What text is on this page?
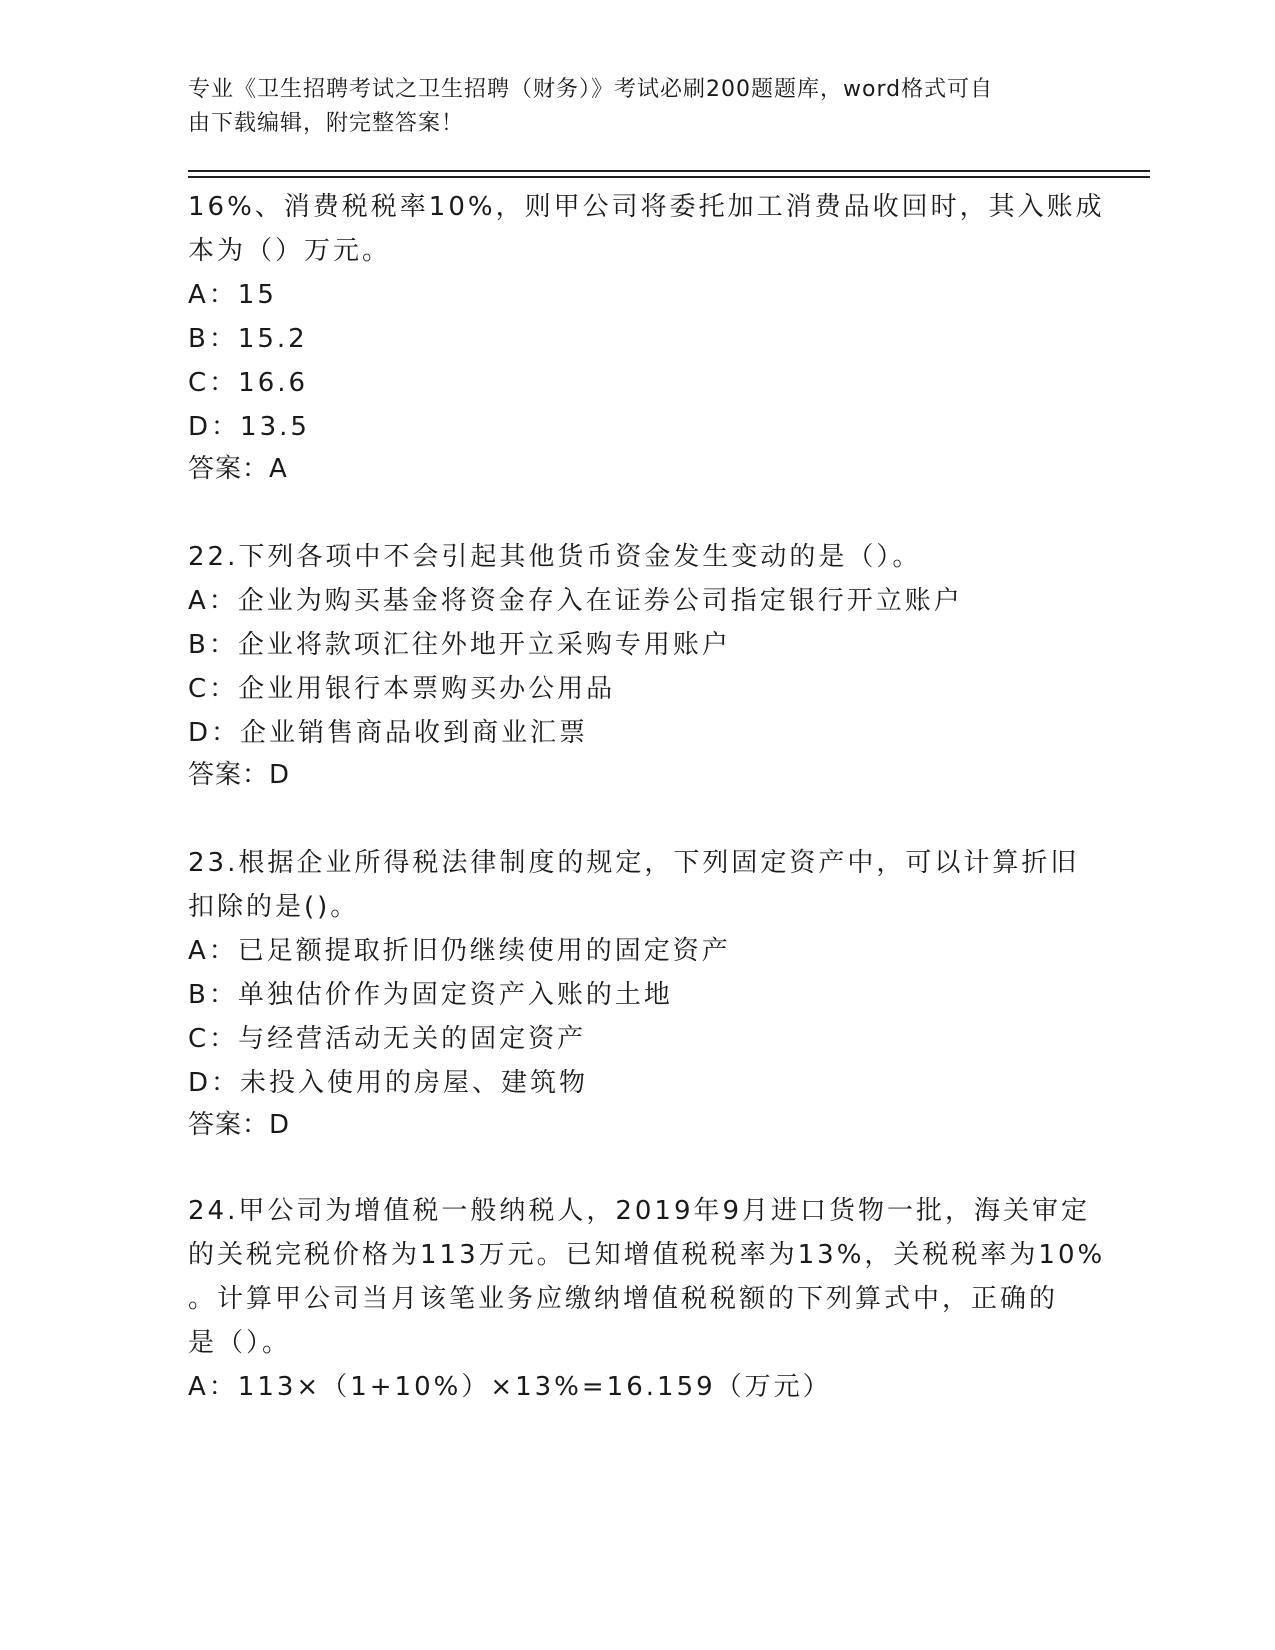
专业《卫生招聘考试之卫生招聘（财务）》考试必刷200题题库，word格式可自
由下载编辑，附完整答案！
16%、消费税税率10%，则甲公司将委托加工消费品收回时，其入账成
本为（）万元。
A：15
B：15.2
C：16.6
D：13.5
答案：A
22.下列各项中不会引起其他货币资金发生变动的是（）。
A：企业为购买基金将资金存入在证券公司指定银行开立账户
B：企业将款项汇往外地开立采购专用账户
C：企业用银行本票购买办公用品
D：企业销售商品收到商业汇票
答案：D
23.根据企业所得税法律制度的规定，下列固定资产中，可以计算折旧
扣除的是()。
A：已足额提取折旧仍继续使用的固定资产
B：单独估价作为固定资产入账的土地
C：与经营活动无关的固定资产
D：未投入使用的房屋、建筑物
答案：D
24.甲公司为增值税一般纳税人，2019年9月进口货物一批，海关审定
的关税完税价格为113万元。已知增值税税率为13%，关税税率为10%
。计算甲公司当月该笔业务应缴纳增值税税额的下列算式中，正确的
是（）。
A：113×（1+10%）×13%=16.159（万元）
